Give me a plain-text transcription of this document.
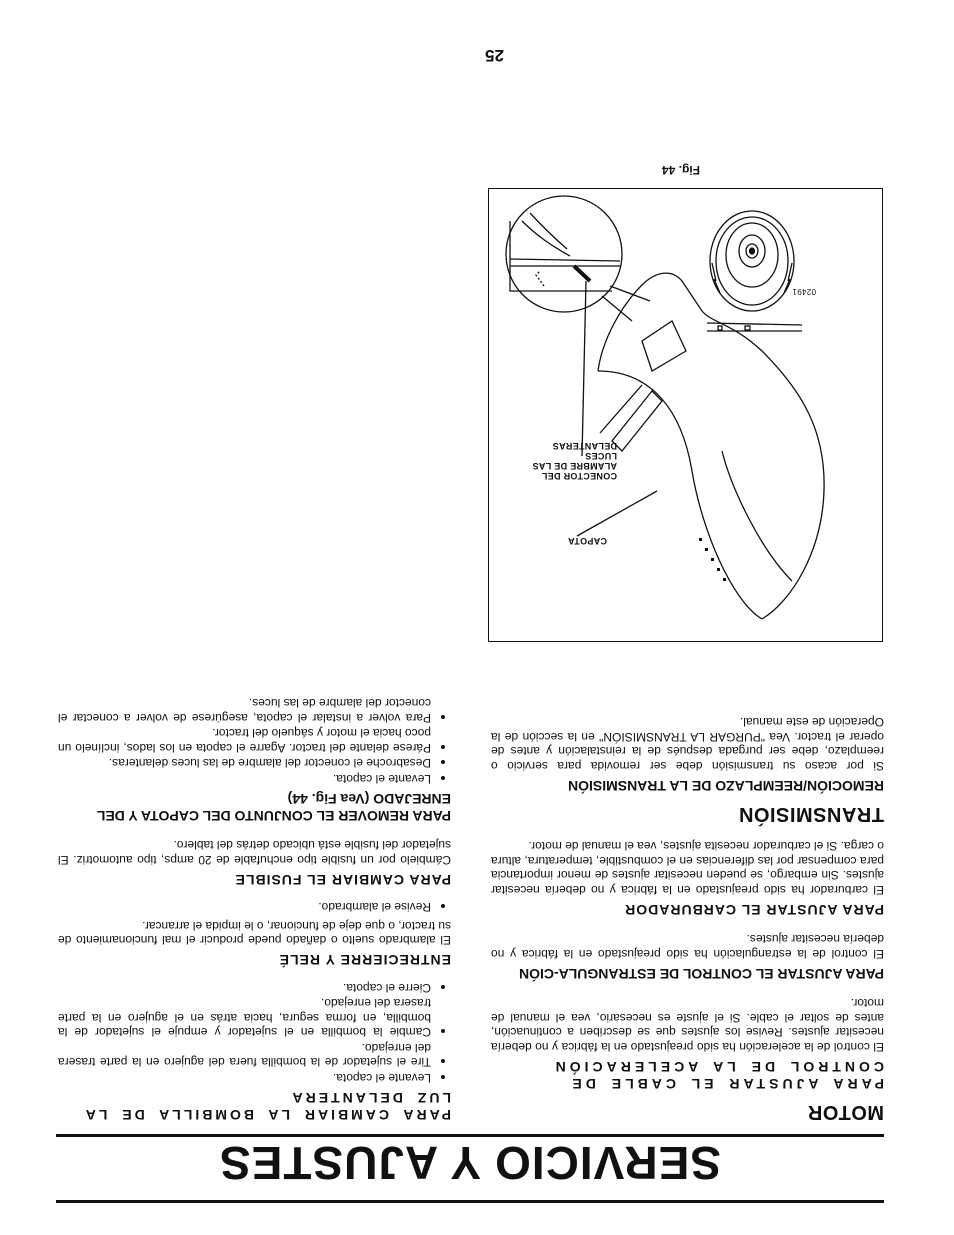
SERVICIO Y AJUSTES
MOTOR
PARA AJUSTAR EL CABLE DE CONTROL DE LA ACELERACIÓN

El control de la aceleración ha sido preajustado en la fábrica y no debería necesitar ajustes. Revise los ajustes que se describen a continuación, antes de soltar el cable. Si el ajuste es necesario, vea el manual de motor.

PARA AJUSTAR EL CONTROL DE ESTRANGULA-CIÓN

El control de la estrangulación ha sido preajustado en la fábrica y no debería necesitar ajustes.

PARA AJUSTAR EL CARBURADOR

El carburador ha sido preajustado en la fábrica y no debería necesitar ajustes. Sin embargo, se pueden necesitar ajustes de menor importancia para compensar por las diferencias en el combustible, temperatura, altura o carga. Si el carburador necesita ajustes, vea el manual de motor.

TRANSMISIÓN
REMOCIÓN/REEMPLAZO DE LA TRANSMISIÓN

Si por acaso su transmisión debe ser removida para servicio o reemplazo, debe ser purgada después de la reinstalación y antes de operar el tractor. Vea "PURGAR LA TRANSMISIÓN" en la sección de la Operación de este manual.

PARA CAMBIAR LA BOMBILLA DE LA LUZ DELANTERA
• Levante el capota.
• Tire el sujetador de la bombilla fuera del agujero en la parte trasera del enrejado.
• Cambie la bombilla en el sujetador y empuje el sujetador de la bombilla, en forma segura, hacia atrás en el agujero en la parte trasera del enrejado.
• Cierre el capota.
ENTRECIERRE Y RELÉ

El alambrado suelto o dañado puede producir el mal funcionamiento de su tractor, o que deje de funcionar, o le impida el arrancar.

• Revise el alambrado.
PARA CAMBIAR EL FUSIBLE

Cámbielo por un fusible tipo enchufable de 20 amps, tipo automotriz. El sujetador del fusible está ubicado detrás del tablero.

PARA REMOVER EL CONJUNTO DEL CAPOTA Y DEL ENREJADO (Vea Fig. 44)
• Levante el capota.
• Desabroche el conector del alambre de las luces delanteras.
• Párese delante del tractor. Agarre el capota en los lados, inclínelo un poco hacia el motor y sáquelo del tractor.
• Para volver a instalar el capota, asegúrese de volver a conectar el conector del alambre de las luces.
CAPOTA
CONECTOR DEL ALAMBRE DE LAS LUCES DELANTERAS
02491
Fig. 44
25
